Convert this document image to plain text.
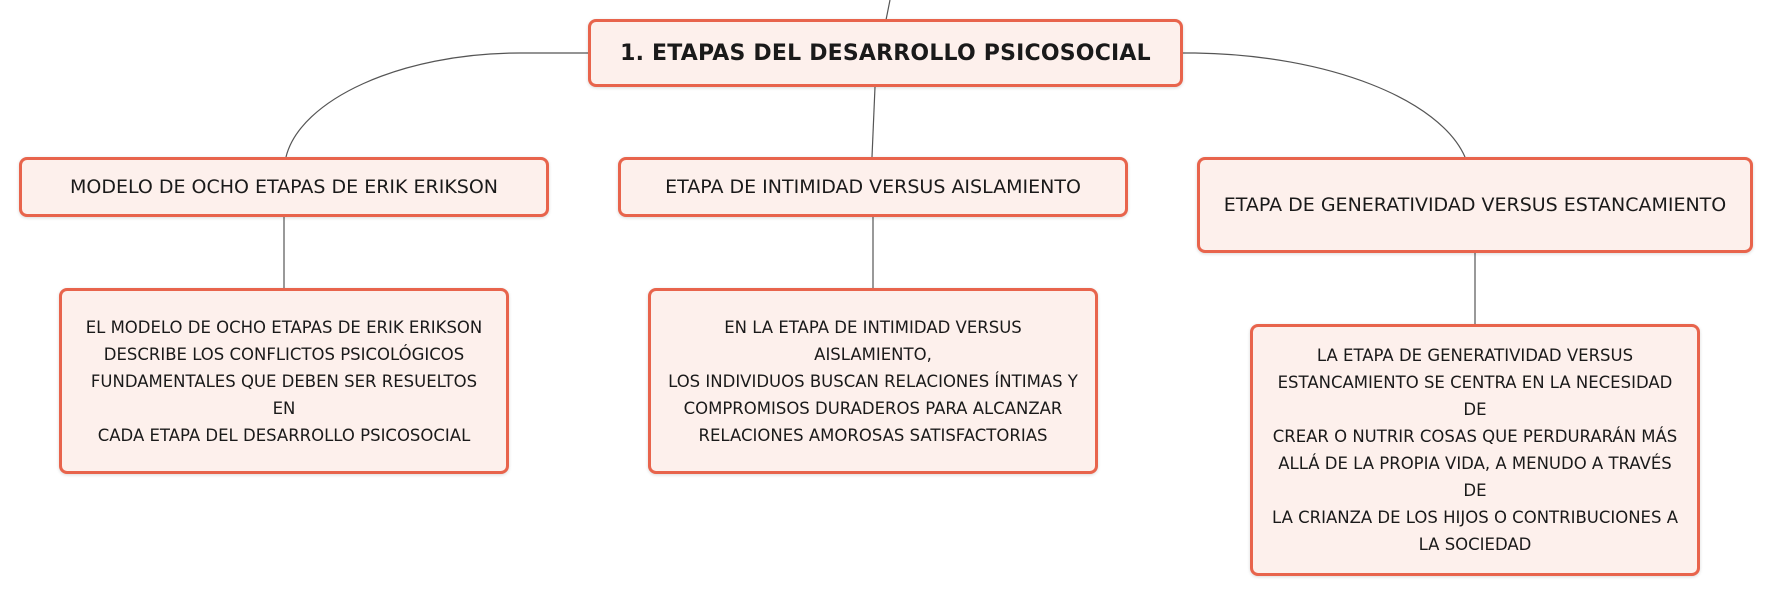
1. ETAPAS DEL DESARROLLO PSICOSOCIAL
MODELO DE OCHO ETAPAS DE ERIK ERIKSON	ETAPA DE INTIMIDAD VERSUS AISLAMIENTO
ETAPA DE GENERATIVIDAD VERSUS ESTANCAMIENTO
EL MODELO DE OCHO ETAPAS DE ERIK ERIKSON
DESCRIBE LOS CONFLICTOS PSICOLÓGICOS
FUNDAMENTALES QUE DEBEN SER RESUELTOS EN
CADA ETAPA DEL DESARROLLO PSICOSOCIAL
EN LA ETAPA DE INTIMIDAD VERSUS AISLAMIENTO,
LOS INDIVIDUOS BUSCAN RELACIONES ÍNTIMAS Y
COMPROMISOS DURADEROS PARA ALCANZAR
RELACIONES AMOROSAS SATISFACTORIAS
LA ETAPA DE GENERATIVIDAD VERSUS
ESTANCAMIENTO SE CENTRA EN LA NECESIDAD DE
CREAR O NUTRIR COSAS QUE PERDURARÁN MÁS
ALLÁ DE LA PROPIA VIDA, A MENUDO A TRAVÉS DE
LA CRIANZA DE LOS HIJOS O CONTRIBUCIONES A
LA SOCIEDAD
